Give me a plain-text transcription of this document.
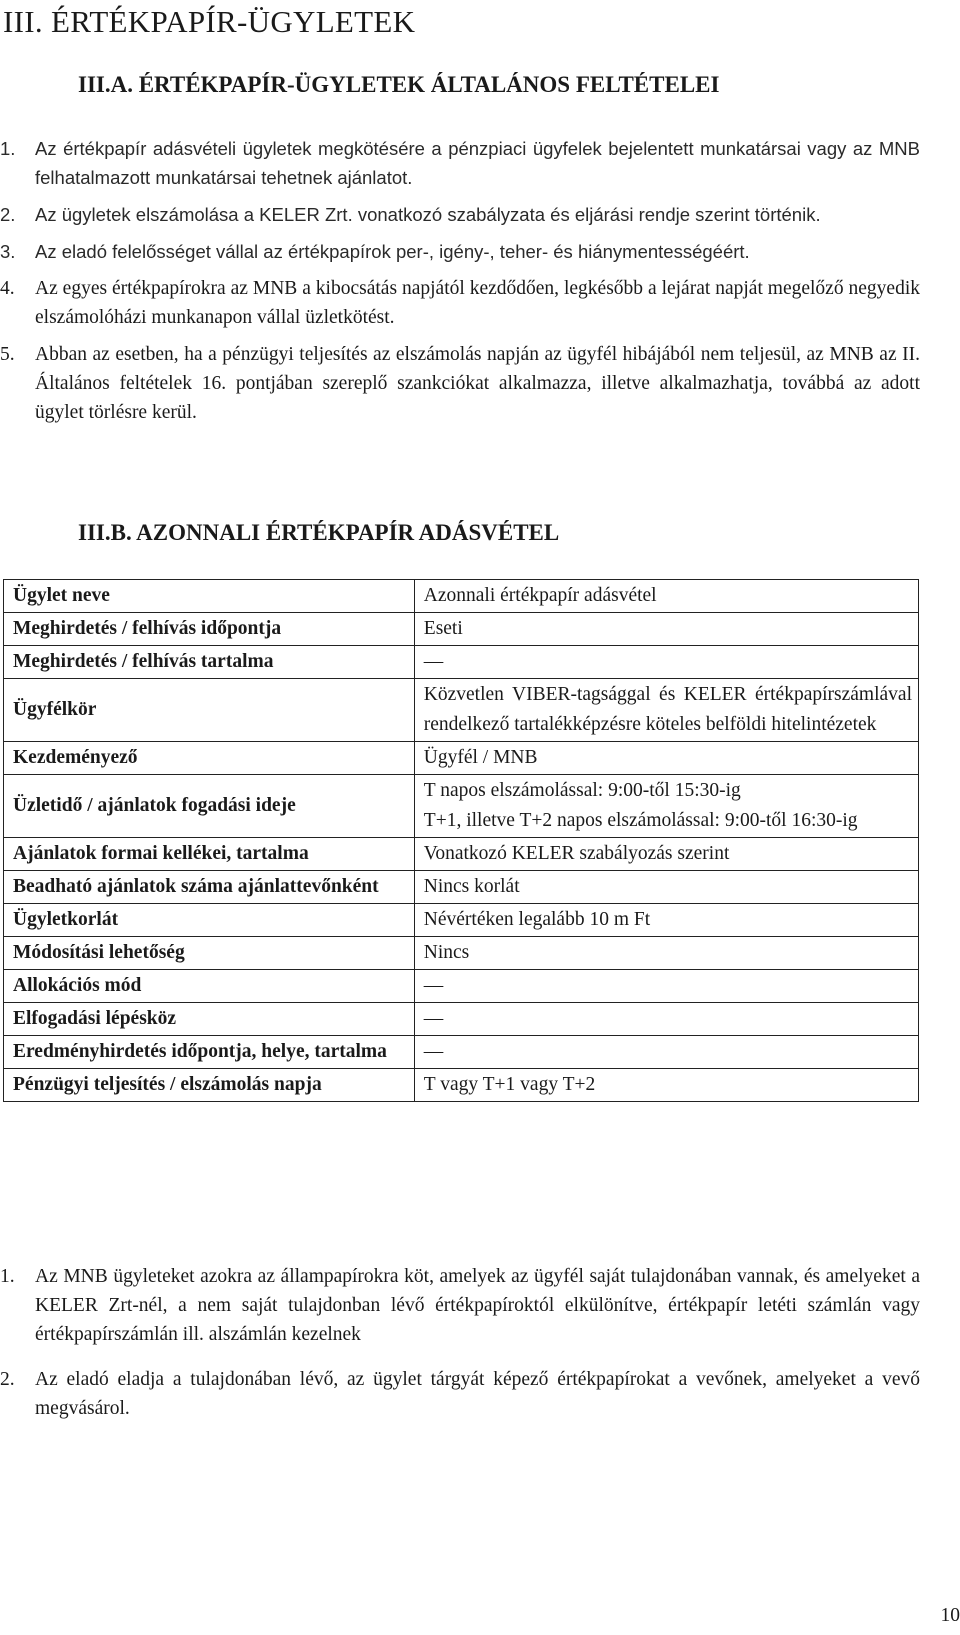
III. ÉRTÉKPAPÍR-ÜGYLETEK
III.A. ÉRTÉKPAPÍR-ÜGYLETEK ÁLTALÁNOS FELTÉTELEI
1. Az értékpapír adásvételi ügyletek megkötésére a pénzpiaci ügyfelek bejelentett munkatársai vagy az MNB felhatalmazott munkatársai tehetnek ajánlatot.
2. Az ügyletek elszámolása a KELER Zrt. vonatkozó szabályzata és eljárási rendje szerint történik.
3. Az eladó felelősséget vállal az értékpapírok per-, igény-, teher- és hiánymentességéért.
4. Az egyes értékpapírokra az MNB a kibocsátás napjától kezdődően, legkésőbb a lejárat napját megelőző negyedik elszámolóházi munkanapon vállal üzletkötést.
5. Abban az esetben, ha a pénzügyi teljesítés az elszámolás napján az ügyfél hibájából nem teljesül, az MNB az II. Általános feltételek 16. pontjában szereplő szankciókat alkalmazza, illetve alkalmazhatja, továbbá az adott ügylet törlésre kerül.
III.B. AZONNALI ÉRTÉKPAPÍR ADÁSVÉTEL
Ügylet neve	Azonnali értékpapír adásvétel
Meghirdetés / felhívás időpontja	Eseti
Meghirdetés / felhívás tartalma	—
Ügyfélkör	Közvetlen VIBER-tagsággal és KELER értékpapírszámlával rendelkező tartalékképzésre köteles belföldi hitelintézetek
Kezdeményező	Ügyfél / MNB
Üzletidő / ajánlatok fogadási ideje	T napos elszámolással: 9:00-től 15:30-ig
T+1, illetve T+2 napos elszámolással: 9:00-től 16:30-ig

Ajánlatok formai kellékei, tartalma	Vonatkozó KELER szabályozás szerint
Beadható ajánlatok száma ajánlattevőnként	Nincs korlát
Ügyletkorlát	Névértéken legalább 10 m Ft
Módosítási lehetőség	Nincs
Allokációs mód	—
Elfogadási lépésköz	—
Eredményhirdetés időpontja, helye, tartalma	—
Pénzügyi teljesítés / elszámolás napja	T vagy T+1 vagy T+2
1. Az MNB ügyleteket azokra az állampapírokra köt, amelyek az ügyfél saját tulajdonában vannak, és amelyeket a KELER Zrt-nél, a nem saját tulajdonban lévő értékpapíroktól elkülönítve, értékpapír letéti számlán vagy értékpapírszámlán ill. alszámlán kezelnek
2. Az eladó eladja a tulajdonában lévő, az ügylet tárgyát képező értékpapírokat a vevőnek, amelyeket a vevő megvásárol.
10
